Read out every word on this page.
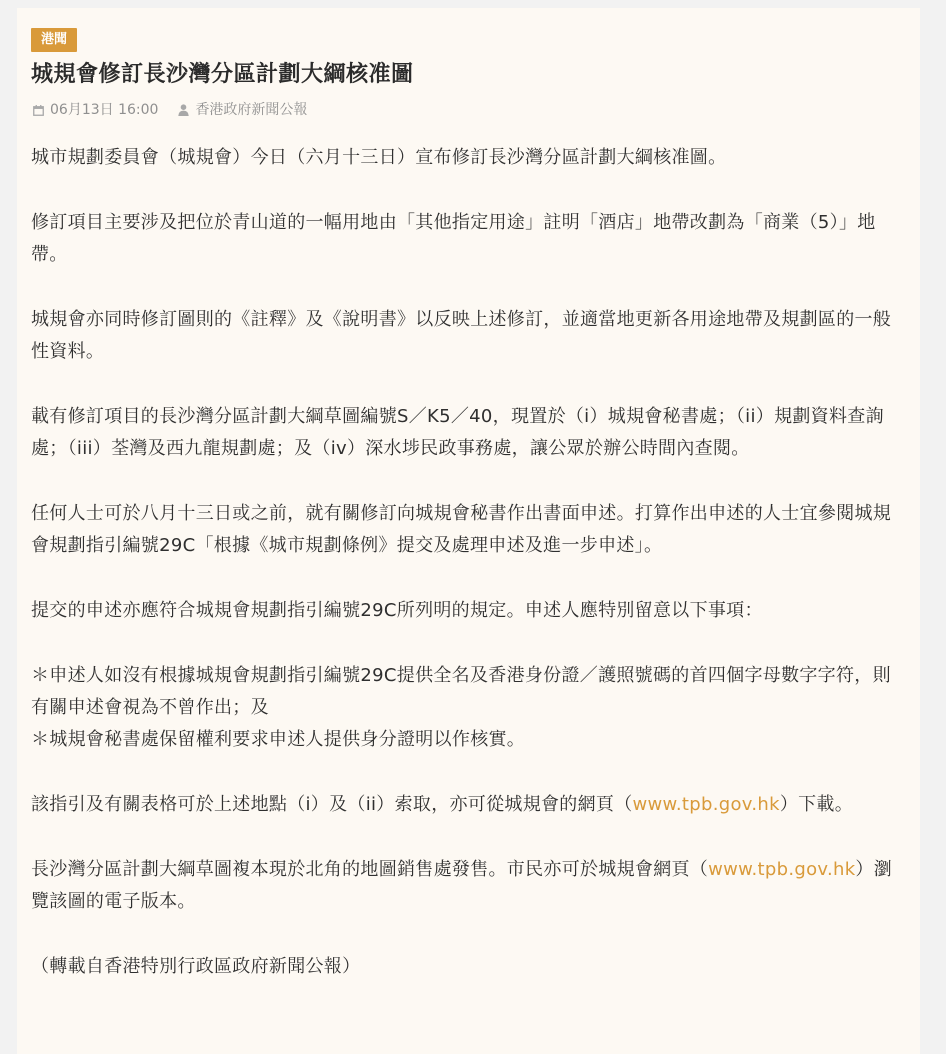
港聞
城規會修訂長沙灣分區計劃大綱核准圖
06月13日 16:00	香港政府新聞公報

城市規劃委員會（城規會）今日（六月十三日）宣布修訂長沙灣分區計劃大綱核准圖。

修訂項目主要涉及把位於青山道的一幅用地由「其他指定用途」註明「酒店」地帶改劃為「商業（5）」地帶。

城規會亦同時修訂圖則的《註釋》及《說明書》以反映上述修訂，並適當地更新各用途地帶及規劃區的一般性資料。

載有修訂項目的長沙灣分區計劃大綱草圖編號S／K5／40，現置於（i）城規會秘書處；（ii）規劃資料查詢處；（iii）荃灣及西九龍規劃處；及（iv）深水埗民政事務處，讓公眾於辦公時間內查閱。

任何人士可於八月十三日或之前，就有關修訂向城規會秘書作出書面申述。打算作出申述的人士宜參閱城規會規劃指引編號29C「根據《城市規劃條例》提交及處理申述及進一步申述」。

提交的申述亦應符合城規會規劃指引編號29C所列明的規定。申述人應特別留意以下事項：

＊申述人如沒有根據城規會規劃指引編號29C提供全名及香港身份證／護照號碼的首四個字母數字字符，則有關申述會視為不曾作出；及

＊城規會秘書處保留權利要求申述人提供身分證明以作核實。

該指引及有關表格可於上述地點（i）及（ii）索取，亦可從城規會的網頁（www.tpb.gov.hk）下載。

長沙灣分區計劃大綱草圖複本現於北角的地圖銷售處發售。市民亦可於城規會網頁（www.tpb.gov.hk）瀏覽該圖的電子版本。

（轉載自香港特別行政區政府新聞公報）
